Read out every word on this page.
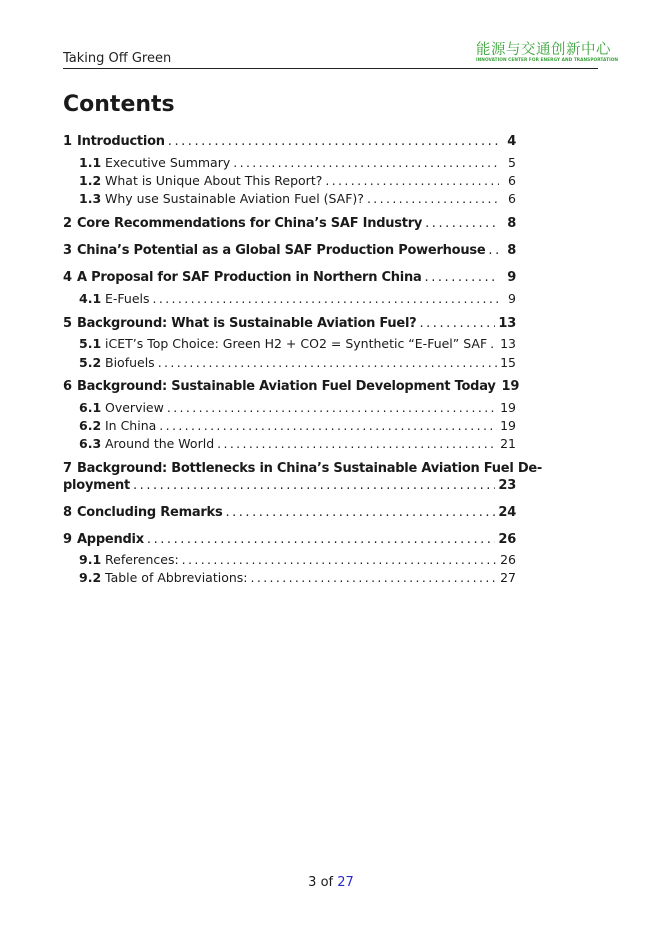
Taking Off Green
能源与交通创新中心
INNOVATION CENTER FOR ENERGY AND TRANSPORTATION
Contents
1 Introduction . . .	4
1.1 Executive Summary . . .	5
1.2 What is Unique About This Report? . . .	6
1.3 Why use Sustainable Aviation Fuel (SAF)? . . .	6
2 Core Recommendations for China’s SAF Industry . . .	8
3 China’s Potential as a Global SAF Production Powerhouse . . .	8
4 A Proposal for SAF Production in Northern China . . .	9
4.1 E-Fuels . . .	9
5 Background: What is Sustainable Aviation Fuel? . . .	13
5.1 iCET’s Top Choice: Green H2 + CO2 = Synthetic “E-Fuel” SAF . . . 13
5.2 Biofuels . . .	15
6 Background: Sustainable Aviation Fuel Development Today 19
6.1 Overview . . .	19
6.2 In China . . .	19
6.3 Around the World . . .	21
7 Background: Bottlenecks in China’s Sustainable Aviation Fuel De-
ployment . . .	23
8 Concluding Remarks . . .	24
9 Appendix . . .	26
9.1 References: . . .	26
9.2 Table of Abbreviations: . . .	27
3 of 27
